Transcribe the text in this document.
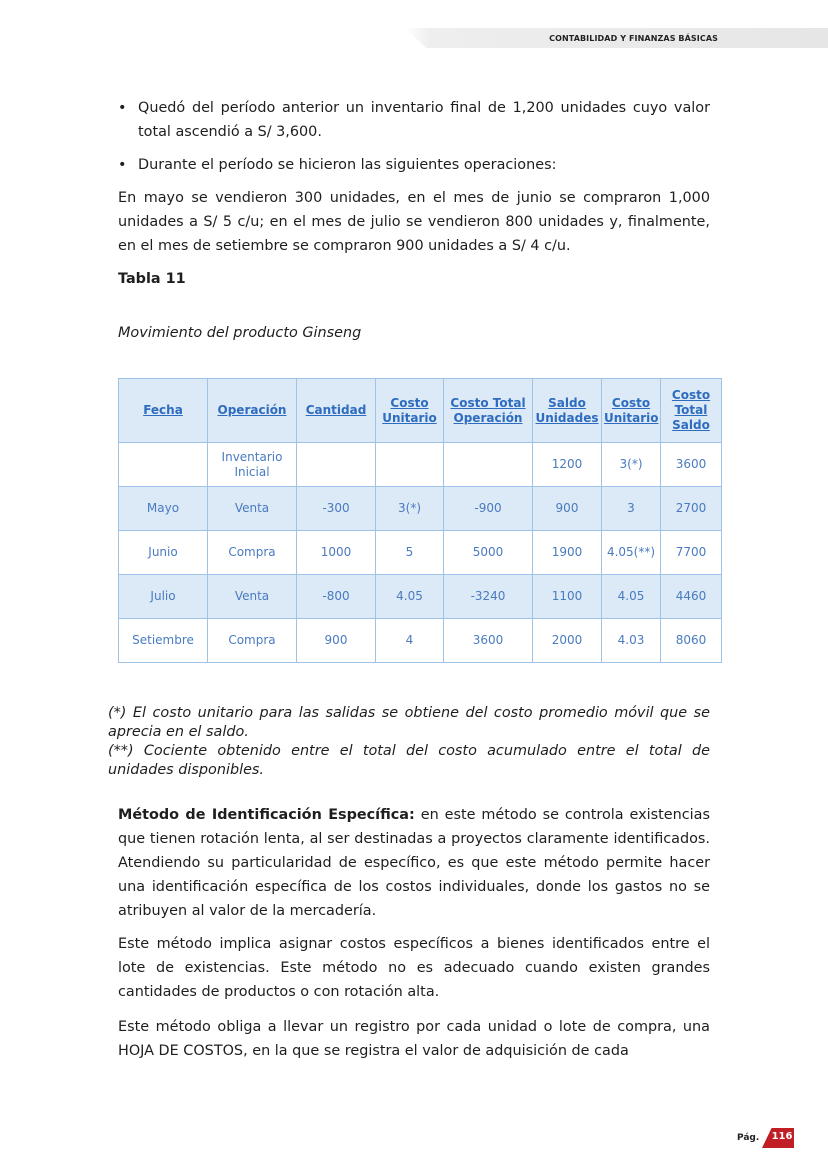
CONTABILIDAD Y FINANZAS BÁSICAS
• Quedó del período anterior un inventario final de 1,200 unidades cuyo valor total ascendió a S/ 3,600.

• Durante el período se hicieron las siguientes operaciones:

En mayo se vendieron 300 unidades, en el mes de junio se compraron 1,000 unidades a S/ 5 c/u; en el mes de julio se vendieron 800 unidades y, finalmente, en el mes de setiembre se compraron 900 unidades a S/ 4 c/u.

Tabla 11

Movimiento del producto Ginseng

Fecha	Operación	Cantidad	Costo Unitario	Costo Total Operación	Saldo Unidades	Costo Unitario	Costo Total Saldo
	Inventario Inicial				1200	3(*)	3600
Mayo	Venta	-300	3(*)	-900	900	3	2700
Junio	Compra	1000	5	5000	1900	4.05(**)	7700
Julio	Venta	-800	4.05	-3240	1100	4.05	4460
Setiembre	Compra	900	4	3600	2000	4.03	8060

(*) El costo unitario para las salidas se obtiene del costo promedio móvil que se aprecia en el saldo.

(**) Cociente obtenido entre el total del costo acumulado entre el total de unidades disponibles.

Método de Identificación Específica: en este método se controla existencias que tienen rotación lenta, al ser destinadas a proyectos claramente identificados. Atendiendo su particularidad de específico, es que este método permite hacer una identificación específica de los costos individuales, donde los gastos no se atribuyen al valor de la mercadería.

Este método implica asignar costos específicos a bienes identificados entre el lote de existencias. Este método no es adecuado cuando existen grandes cantidades de productos o con rotación alta.

Este método obliga a llevar un registro por cada unidad o lote de compra, una HOJA DE COSTOS, en la que se registra el valor de adquisición de cada

Pág. 116
